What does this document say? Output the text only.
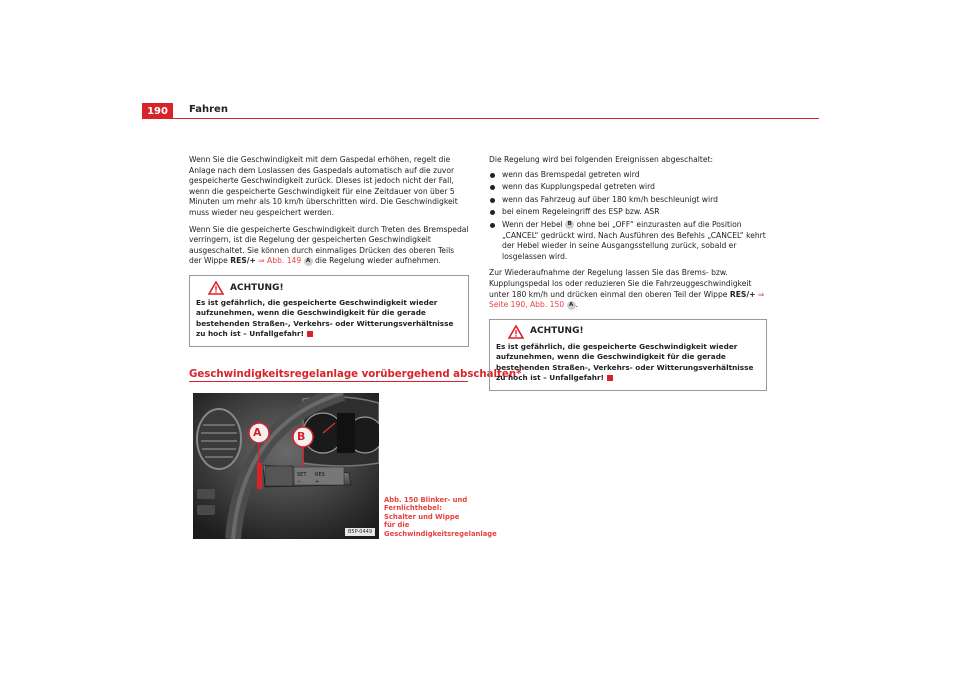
190	Fahren

Wenn Sie die Geschwindigkeit mit dem Gaspedal erhöhen, regelt die Anlage nach dem Loslassen des Gaspedals automatisch auf die zuvor gespeicherte Geschwindigkeit zurück. Dieses ist jedoch nicht der Fall, wenn die gespeicherte Geschwindigkeit für eine Zeitdauer von über 5 Minuten um mehr als 10 km/h überschritten wird. Die Geschwindigkeit muss wieder neu gespeichert werden.

Wenn Sie die gespeicherte Geschwindigkeit durch Treten des Bremspedal verringern, ist die Regelung der gespeicherten Geschwindigkeit ausgeschaltet. Sie können durch einmaliges Drücken des oberen Teils der Wippe RES/+ ⇒ Abb. 149 A die Regelung wieder aufnehmen.

ACHTUNG!
Es ist gefährlich, die gespeicherte Geschwindigkeit wieder aufzunehmen, wenn die Geschwindigkeit für die gerade bestehenden Straßen-, Verkehrs- oder Witterungsverhältnisse zu hoch ist – Unfallgefahr!
Geschwindigkeitsregelanlage vorübergehend abschalten*
SET RES
−	+
A	B
B5P-0449
Abb. 150 Blinker- und Fernlichthebel: Schalter und Wippe für die Geschwindigkeitsregelanlage

Die Regelung wird bei folgenden Ereignissen abgeschaltet:

wenn das Bremspedal getreten wird
wenn das Kupplungspedal getreten wird
wenn das Fahrzeug auf über 180 km/h beschleunigt wird
bei einem Regeleingriff des ESP bzw. ASR
Wenn der Hebel B ohne bei „OFF“ einzurasten auf die Position „CANCEL“ gedrückt wird. Nach Ausführen des Befehls „CANCEL“ kehrt der Hebel wieder in seine Ausgangsstellung zurück, sobald er losgelassen wird.

Zur Wiederaufnahme der Regelung lassen Sie das Brems- bzw. Kupplungspedal los oder reduzieren Sie die Fahrzeuggeschwindigkeit unter 180 km/h und drücken einmal den oberen Teil der Wippe RES/+ ⇒ Seite 190, Abb. 150 A .

ACHTUNG!
Es ist gefährlich, die gespeicherte Geschwindigkeit wieder aufzunehmen, wenn die Geschwindigkeit für die gerade bestehenden Straßen-, Verkehrs- oder Witterungsverhältnisse zu hoch ist – Unfallgefahr!
